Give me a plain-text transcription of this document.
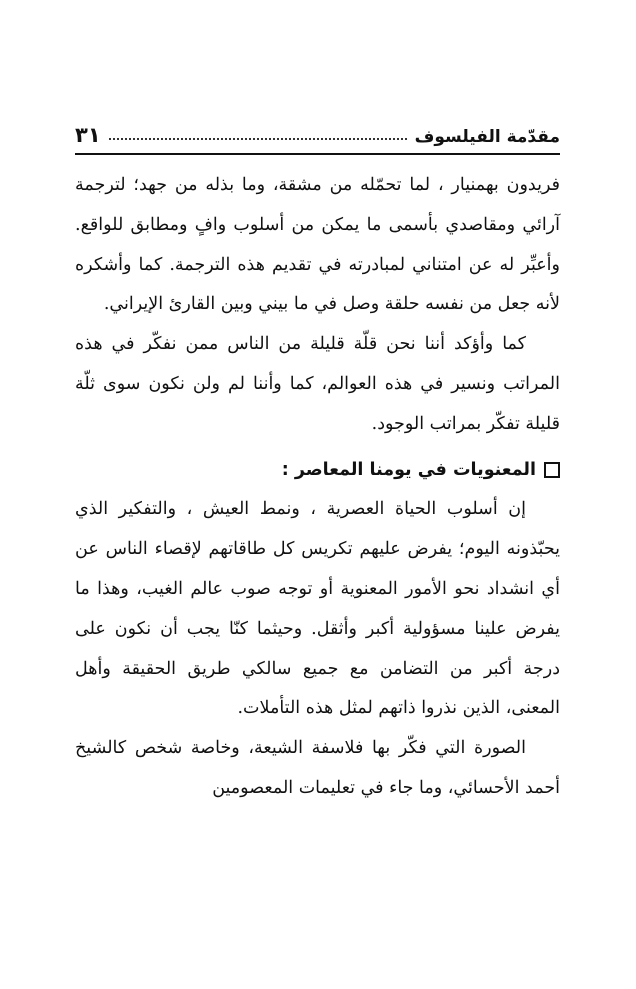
مقدّمة الفيلسوف
٣١

فريدون بهمنيار ، لما تحمّله من مشقة، وما بذله من جهد؛ لترجمة آرائي ومقاصدي بأسمى ما يمكن من أسلوب وافٍ ومطابق للواقع. وأعبِّر له عن امتناني لمبادرته في تقديم هذه الترجمة. كما وأشكره لأنه جعل من نفسه حلقة وصل في ما بيني وبين القارئ الإيراني.

كما وأؤكد أننا نحن قلّة قليلة من الناس ممن نفكّر في هذه المراتب ونسير في هذه العوالم، كما وأننا لم ولن نكون سوى ثلّة قليلة تفكّر بمراتب الوجود.

المعنويات في يومنا المعاصر :

إن أسلوب الحياة العصرية ، ونمط العيش ، والتفكير الذي يحبّذونه اليوم؛ يفرض عليهم تكريس كل طاقاتهم لإقصاء الناس عن أي انشداد نحو الأمور المعنوية أو توجه صوب عالم الغيب، وهذا ما يفرض علينا مسؤولية أكبر وأثقل. وحيثما كنّا يجب أن نكون على درجة أكبر من التضامن مع جميع سالكي طريق الحقيقة وأهل المعنى، الذين نذروا ذاتهم لمثل هذه التأملات.

الصورة التي فكّر بها فلاسفة الشيعة، وخاصة شخص كالشيخ أحمد الأحسائي، وما جاء في تعليمات المعصومين
